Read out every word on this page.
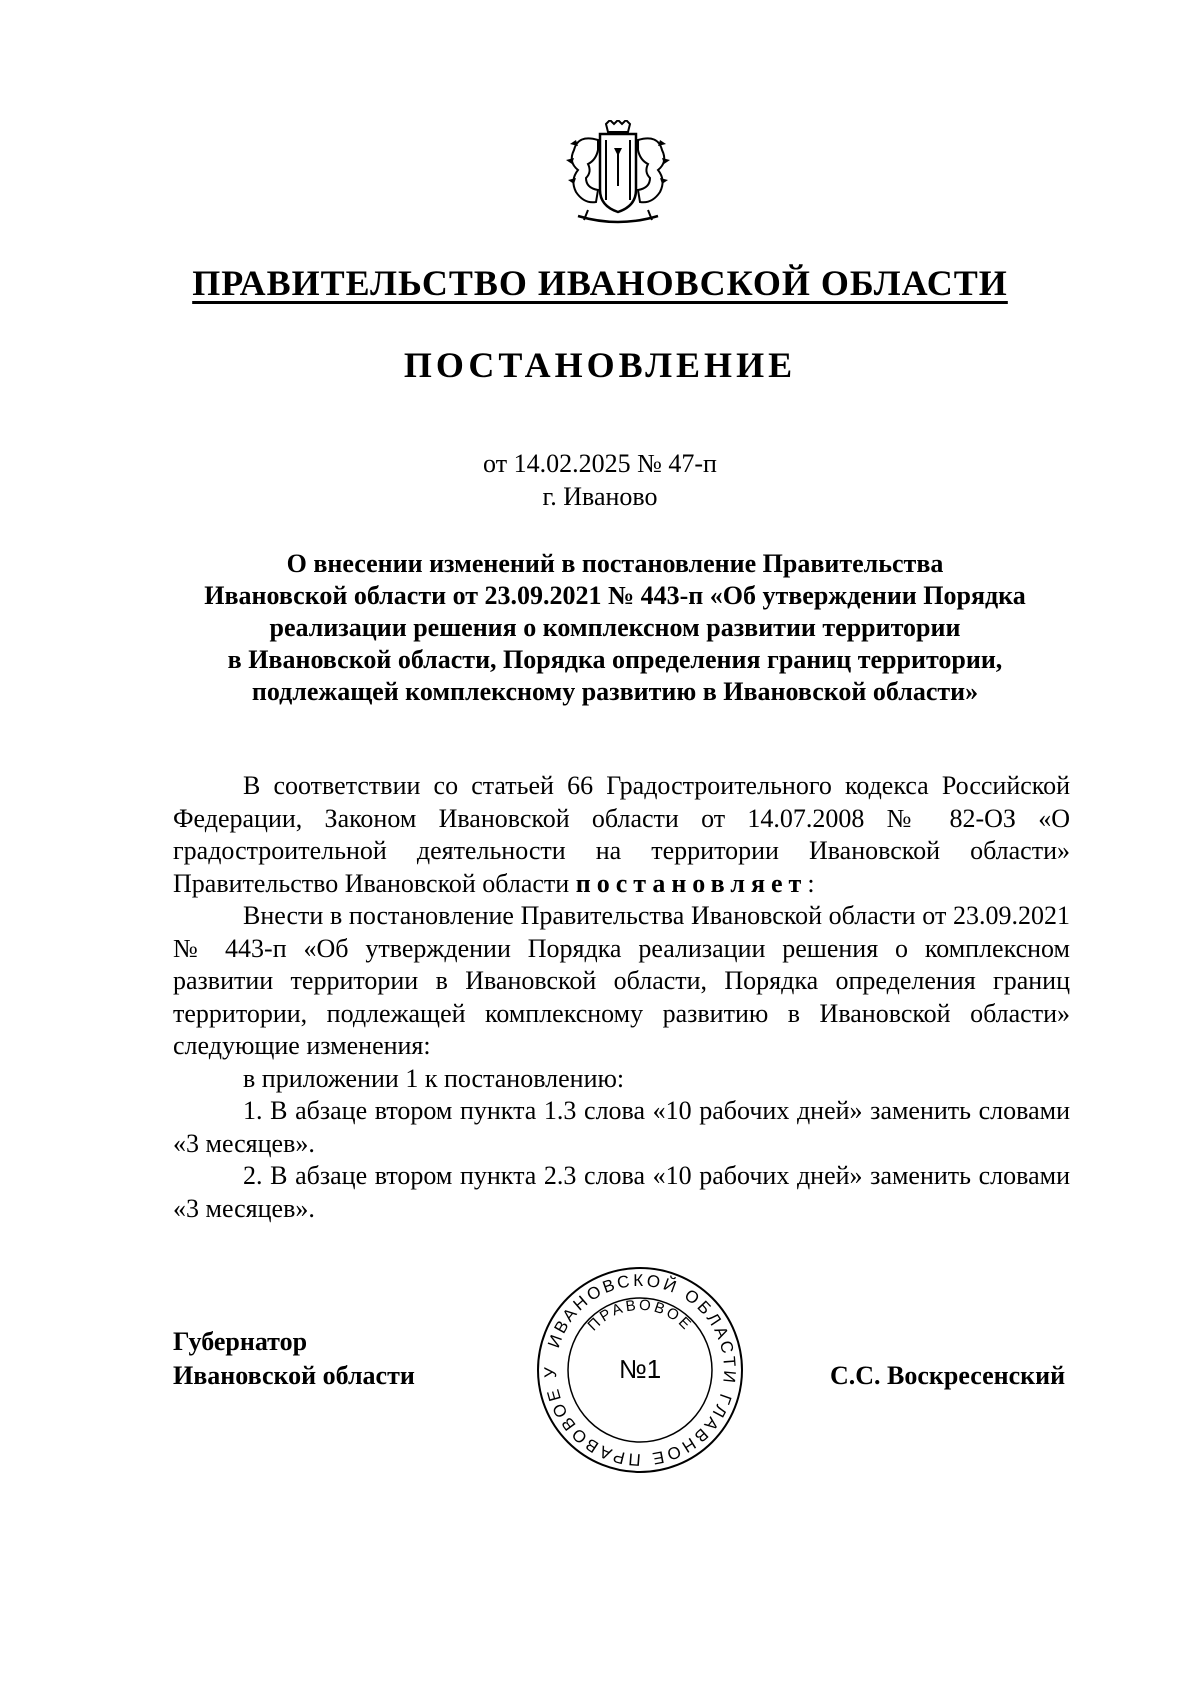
ПРАВИТЕЛЬСТВО ИВАНОВСКОЙ ОБЛАСТИ
ПОСТАНОВЛЕНИЕ
от 14.02.2025 № 47-п
г. Иваново
О внесении изменений в постановление Правительства
Ивановской области от 23.09.2021 № 443-п «Об утверждении Порядка
реализации решения о комплексном развитии территории
в Ивановской области, Порядка определения границ территории,
подлежащей комплексному развитию в Ивановской области»

В соответствии со статьей 66 Градостроительного кодекса Российской Федерации, Законом Ивановской области от 14.07.2008 № 82-ОЗ «О градостроительной деятельности на территории Ивановской области» Правительство Ивановской области постановляет:

Внести в постановление Правительства Ивановской области от 23.09.2021 № 443-п «Об утверждении Порядка реализации решения о комплексном развитии территории в Ивановской области, Порядка определения границ территории, подлежащей комплексному развитию в Ивановской области» следующие изменения:

в приложении 1 к постановлению:

1. В абзаце втором пункта 1.3 слова «10 рабочих дней» заменить словами «3 месяцев».

2. В абзаце втором пункта 2.3 слова «10 рабочих дней» заменить словами «3 месяцев».

Губернатор
Ивановской области
ИВАНОВСКОЙ ОБЛАСТИ ГЛАВНОЕ ПРАВОВОЕ У
ПРАВОВОЕ
№1	С.С. Воскресенский
